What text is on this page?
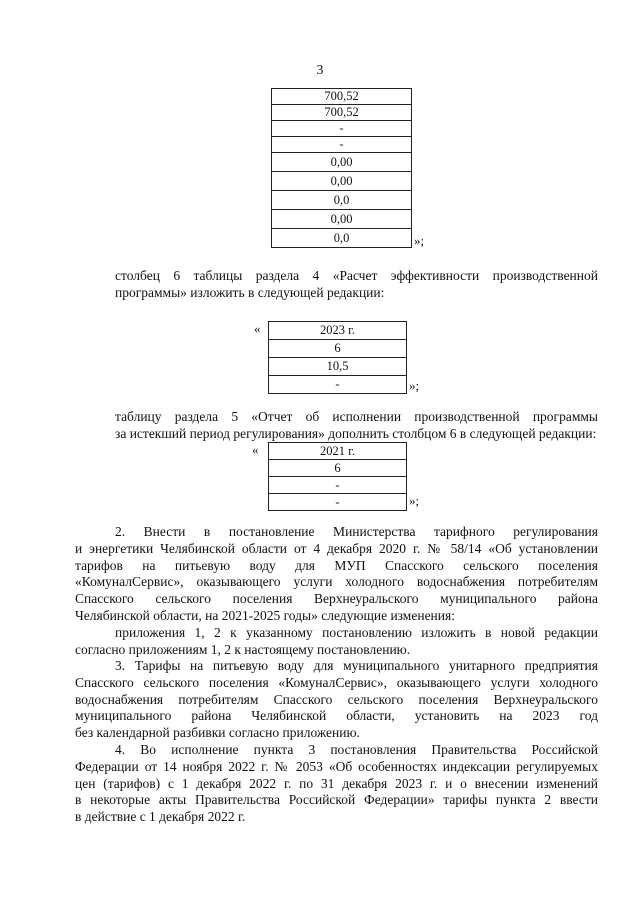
3
700,52
700,52
-
-
0,00
0,00
0,0
0,00
0,0	»;
столбец 6 таблицы раздела 4 «Расчет эффективности производственной
программы» изложить в следующей редакции:
«	2023 г.
6
10,5
-	»;
таблицу раздела 5 «Отчет об исполнении производственной программы
за истекший период регулирования» дополнить столбцом 6 в следующей редакции:
«	2021 г.
6
-
-	»;
2. Внести в постановление Министерства тарифного регулирования
и энергетики Челябинской области от 4 декабря 2020 г. № 58/14 «Об установлении
тарифов на питьевую воду для МУП Спасского сельского поселения
«КомуналСервис», оказывающего услуги холодного водоснабжения потребителям
Спасского сельского поселения Верхнеуральского муниципального района
Челябинской области, на 2021-2025 годы» следующие изменения:
приложения 1, 2 к указанному постановлению изложить в новой редакции
согласно приложениям 1, 2 к настоящему постановлению.
3. Тарифы на питьевую воду для муниципального унитарного предприятия
Спасского сельского поселения «КомуналСервис», оказывающего услуги холодного
водоснабжения потребителям Спасского сельского поселения Верхнеуральского
муниципального района Челябинской области, установить на 2023 год
без календарной разбивки согласно приложению.
4. Во исполнение пункта 3 постановления Правительства Российской
Федерации от 14 ноября 2022 г. № 2053 «Об особенностях индексации регулируемых
цен (тарифов) с 1 декабря 2022 г. по 31 декабря 2023 г. и о внесении изменений
в некоторые акты Правительства Российской Федерации» тарифы пункта 2 ввести
в действие с 1 декабря 2022 г.
